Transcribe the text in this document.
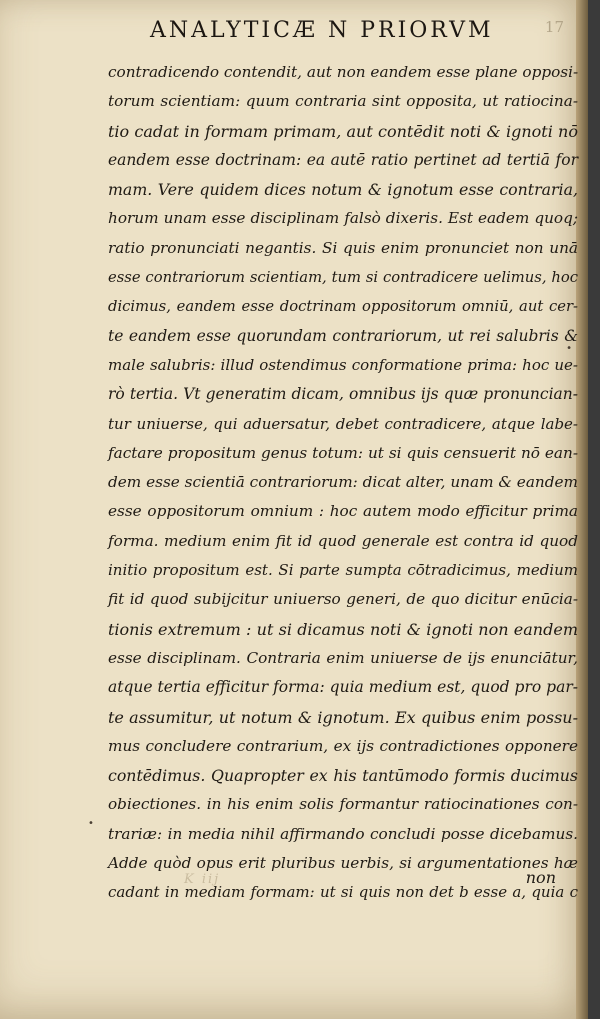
ANALYTICÆ N PRIORVM	17
contradicendo contendit, aut non eandem esse plane opposi-
torum scientiam: quum contraria sint opposita, ut ratiocina-
tio cadat in formam primam, aut contēdit noti & ignoti nō
eandem esse doctrinam: ea autē ratio pertinet ad tertiā for
mam. Vere quidem dices notum & ignotum esse contraria,
horum unam esse disciplinam falsò dixeris. Est eadem quoq;
ratio pronunciati negantis. Si quis enim pronunciet non unā
esse contrariorum scientiam, tum si contradicere uelimus, hoc
dicimus, eandem esse doctrinam oppositorum omniū, aut cer-
te eandem esse quorundam contrariorum, ut rei salubris &
male salubris: illud ostendimus conformatione prima: hoc ue-
rò tertia. Vt generatim dicam, omnibus ijs quæ pronuncian-
tur uniuerse, qui aduersatur, debet contradicere, atque labe-
factare propositum genus totum: ut si quis censuerit nō ean-
dem esse scientiā contrariorum: dicat alter, unam & eandem
esse oppositorum omnium : hoc autem modo efficitur prima
forma. medium enim fit id quod generale est contra id quod
initio propositum est. Si parte sumpta cōtradicimus, medium
fit id quod subijcitur uniuerso generi, de quo dicitur enūcia-
tionis extremum : ut si dicamus noti & ignoti non eandem
esse disciplinam. Contraria enim uniuerse de ijs enunciātur,
atque tertia efficitur forma: quia medium est, quod pro par-
te assumitur, ut notum & ignotum. Ex quibus enim possu-
mus concludere contrarium, ex ijs contradictiones opponere
contēdimus. Quapropter ex his tantūmodo formis ducimus
obiectiones. in his enim solis formantur ratiocinationes con-
trariæ: in media nihil affirmando concludi posse dicebamus.
Adde quòd opus erit pluribus uerbis, si argumentationes hæ
cadant in mediam formam: ut si quis non det b esse a, quia c
non
K iij
•
•
